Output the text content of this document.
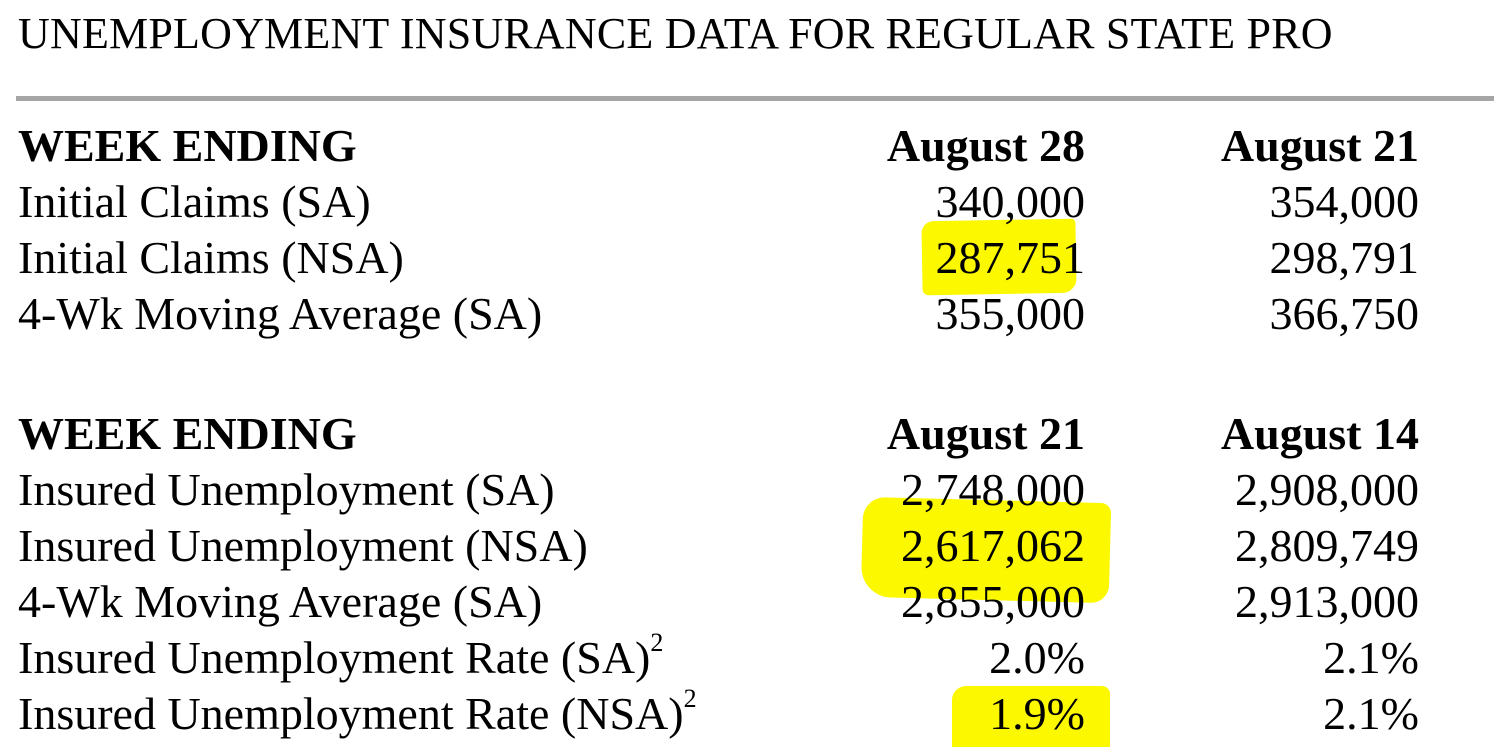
UNEMPLOYMENT INSURANCE DATA FOR REGULAR STATE PRO
WEEK ENDING	August 28	August 21
Initial Claims (SA)	340,000	354,000
Initial Claims (NSA)	287,751	298,791
4-Wk Moving Average (SA)	355,000	366,750
WEEK ENDING	August 21	August 14
Insured Unemployment (SA)	2,748,000	2,908,000
Insured Unemployment (NSA)	2,617,062	2,809,749
4-Wk Moving Average (SA)	2,855,000	2,913,000
Insured Unemployment Rate (SA)$^2$	2.0%	2.1%
Insured Unemployment Rate (NSA)$^2$	1.9%	2.1%
